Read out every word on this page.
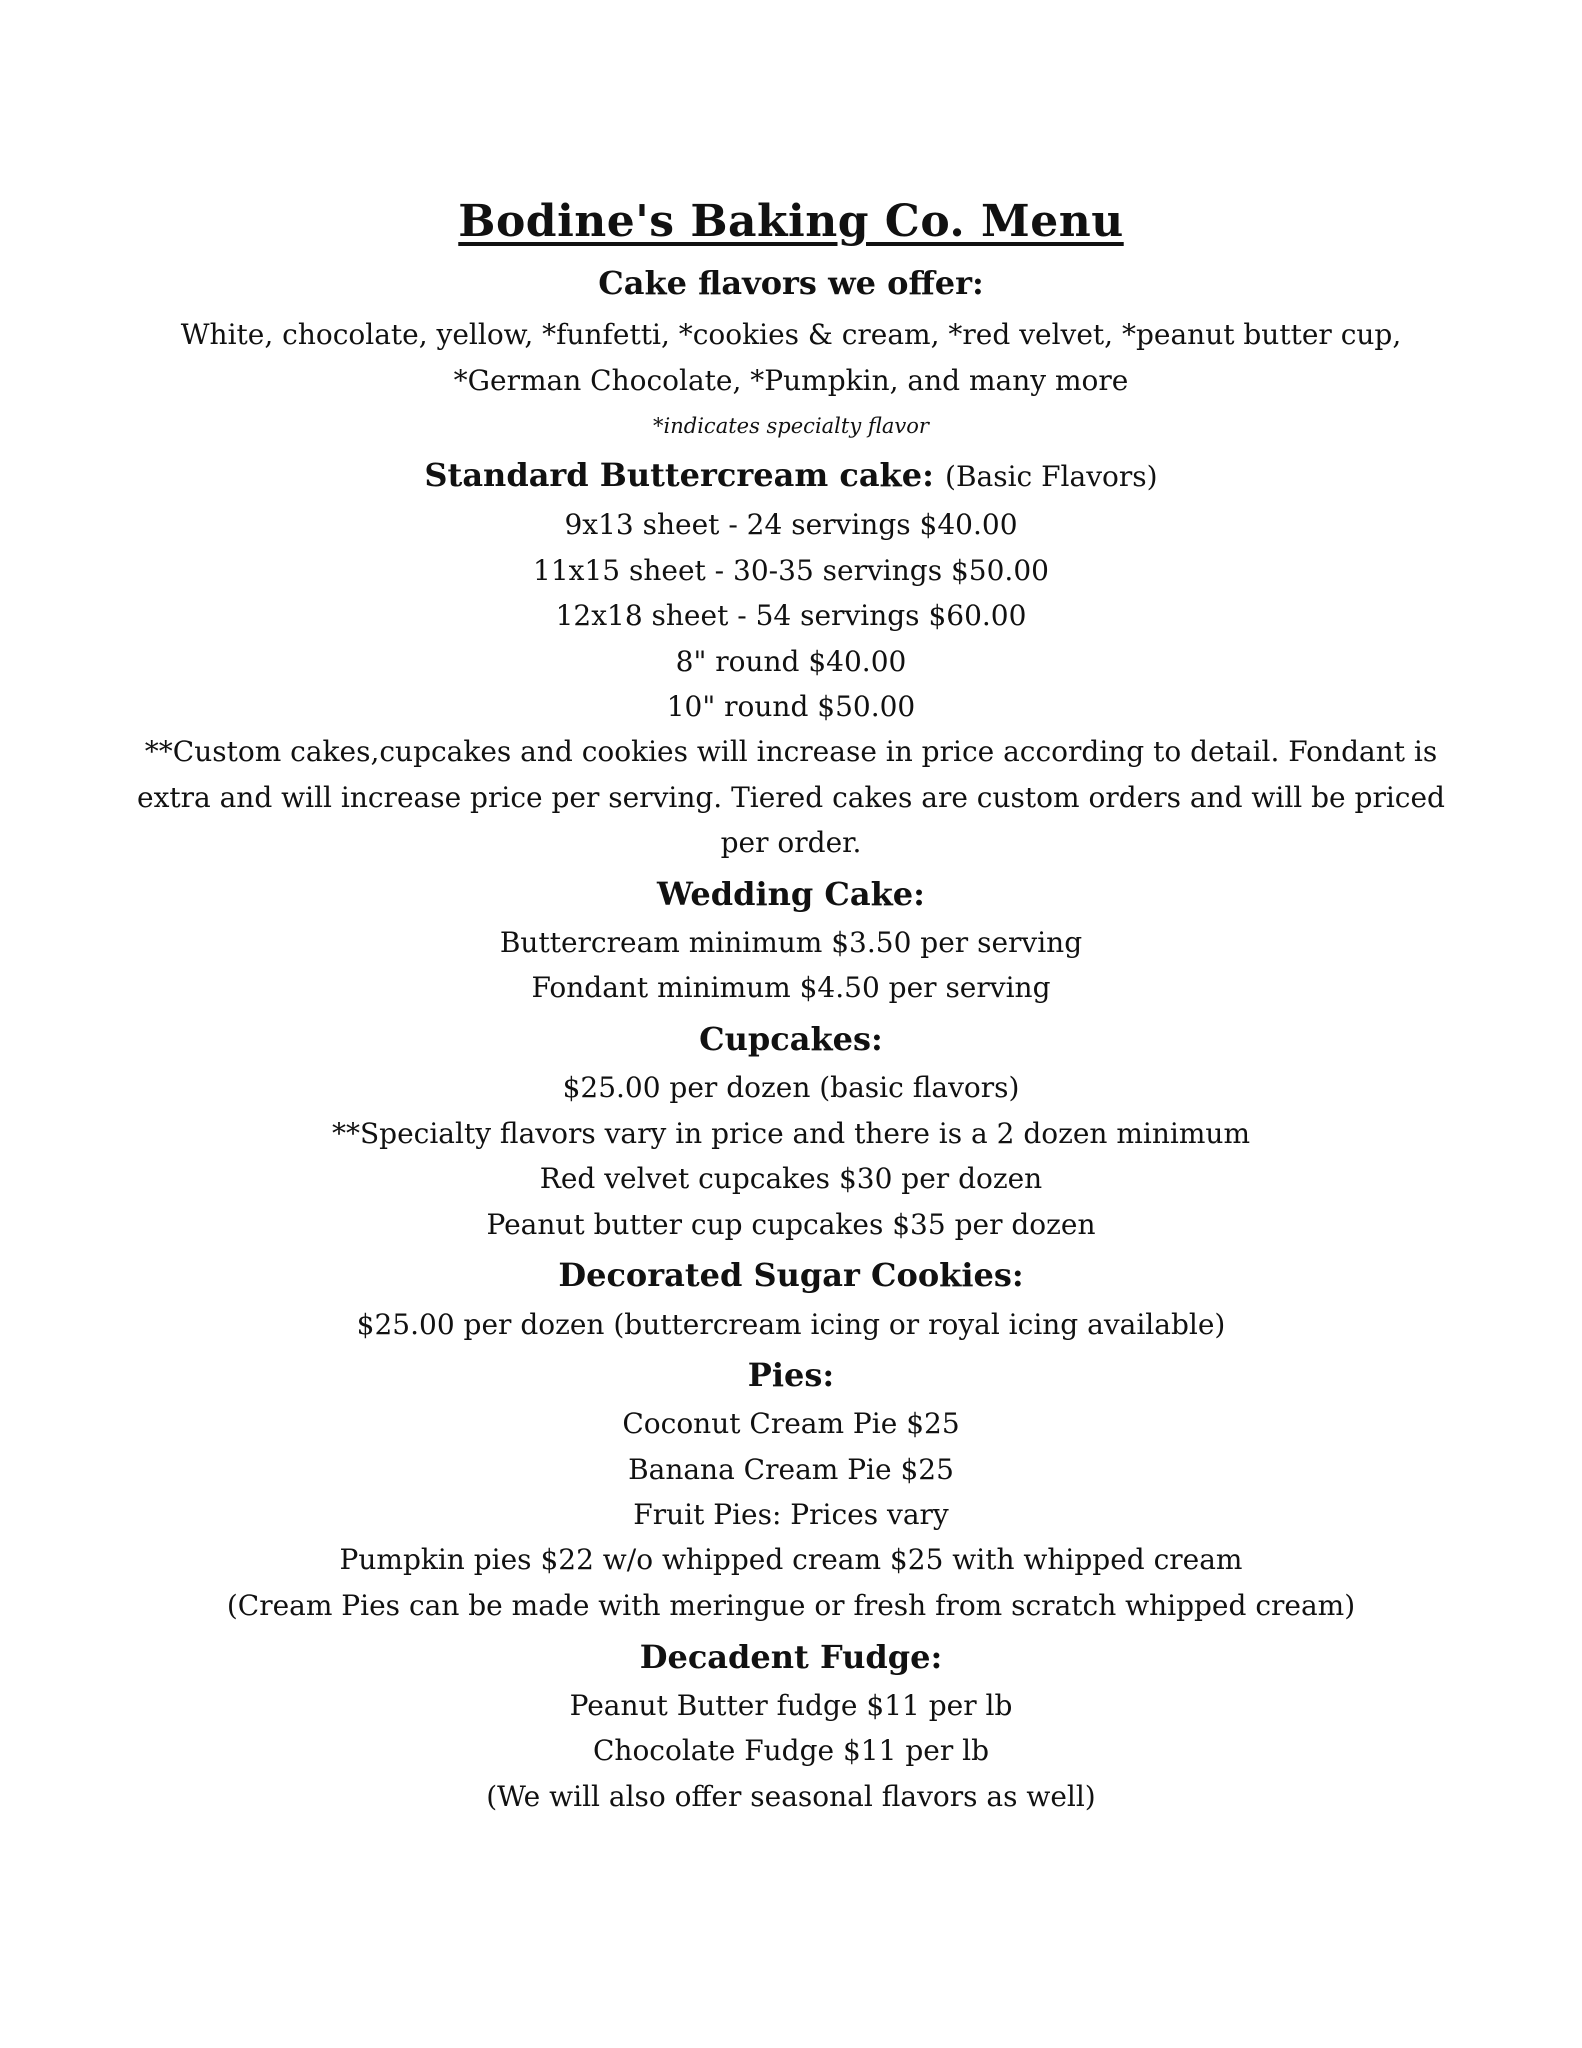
Bodine's Baking Co. Menu

Cake flavors we offer:

White, chocolate, yellow, *funfetti, *cookies & cream, *red velvet, *peanut butter cup,

*German Chocolate, *Pumpkin, and many more

*indicates specialty flavor

Standard Buttercream cake: (Basic Flavors)

9x13 sheet - 24 servings $40.00

11x15 sheet - 30-35 servings $50.00

12x18 sheet - 54 servings $60.00

8" round $40.00

10" round $50.00

**Custom cakes,cupcakes and cookies will increase in price according to detail. Fondant is

extra and will increase price per serving. Tiered cakes are custom orders and will be priced

per order.

Wedding Cake:

Buttercream minimum $3.50 per serving

Fondant minimum $4.50 per serving

Cupcakes:

$25.00 per dozen (basic flavors)

**Specialty flavors vary in price and there is a 2 dozen minimum

Red velvet cupcakes $30 per dozen

Peanut butter cup cupcakes $35 per dozen

Decorated Sugar Cookies:

$25.00 per dozen (buttercream icing or royal icing available)

Pies:

Coconut Cream Pie $25

Banana Cream Pie $25

Fruit Pies: Prices vary

Pumpkin pies $22 w/o whipped cream $25 with whipped cream

(Cream Pies can be made with meringue or fresh from scratch whipped cream)

Decadent Fudge:

Peanut Butter fudge $11 per lb

Chocolate Fudge $11 per lb

(We will also offer seasonal flavors as well)
